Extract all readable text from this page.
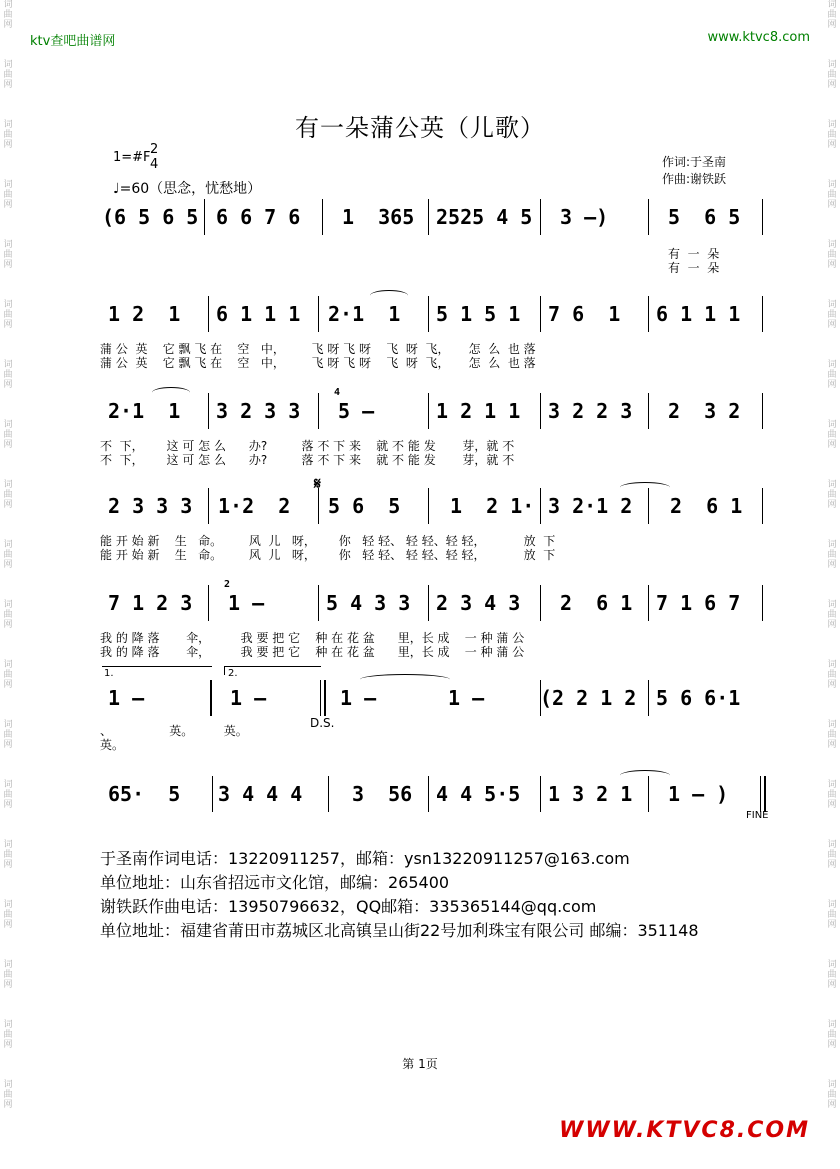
词曲网
词曲网
词曲网
词曲网
词曲网
词曲网
词曲网
词曲网
词曲网
词曲网
词曲网
词曲网
词曲网
词曲网
词曲网
词曲网
词曲网
词曲网
词曲网
词曲网
词曲网
词曲网
词曲网
词曲网
词曲网
词曲网
词曲网
词曲网
词曲网
词曲网
词曲网
词曲网
词曲网
词曲网
词曲网
词曲网
词曲网
词曲网
ktv查吧曲谱网	www.ktvc8.com
有一朵蒲公英（儿歌）
1=#F
2
4
♩=60（思念，忧愁地）
作词:于圣南
作曲:谢铁跃
(6 5 6 5 6 6 7 6 1  365 2525 4 5 3 –)	5  6 5
有  一  朵
有  一  朵
1 2  1 6 1 1 1 2·1  1 5 1 5 1 7 6  1 6 1 1 1
蒲 公  英    它 飘 飞 在    空   中，       飞 呀 飞 呀    飞  呀  飞，     怎  么  也 落
蒲 公  英    它 飘 飞 在    空   中，       飞 呀 飞 呀    飞  呀  飞，     怎  么  也 落
2·1  1 3 2 3 3
4
5 –	1 2 1 1 3 2 2 3 2  3 2
不  下，      这 可 怎 么      办?         落 不 下 来    就 不 能 发       芽，就 不
不  下，      这 可 怎 么      办?         落 不 下 来    就 不 能 发       芽，就 不
2 3 3 3 1·2  2
𝄋
5 6  5 1  2 1· 3 2·1 2 2  6 1
能 开 始 新    生   命。       风  儿   呀，      你   轻 轻、 轻 轻、轻 轻，          放  下
能 开 始 新    生   命。       风  儿   呀，      你   轻 轻、 轻 轻、轻 轻，          放  下
7 1 2 3
2
1 –	5 4 3 3 2 3 4 3 2  6 1 7 1 6 7
我 的 降 落       伞，        我 要 把 它    种 在 花 盆      里，长 成    一 种 蒲 公
我 的 降 落       伞，        我 要 把 它    种 在 花 盆      里，长 成    一 种 蒲 公
1.	2.
1 –	1 –	1 –	1 –	(2 2 1 2 5 6 6·1
D.S.
、               英。        英。
英。
65·  5 3 4 4 4 3  56 4 4 5·5 1 3 2 1 1 – )
FINE
于圣南作词电话：13220911257，邮箱：ysn13220911257@163.com
单位地址：山东省招远市文化馆，邮编：265400
谢铁跃作曲电话：13950796632，QQ邮箱：335365144@qq.com
单位地址：福建省莆田市荔城区北高镇呈山街22号加利珠宝有限公司 邮编：351148
第 1页
WWW.KTVC8.COM
